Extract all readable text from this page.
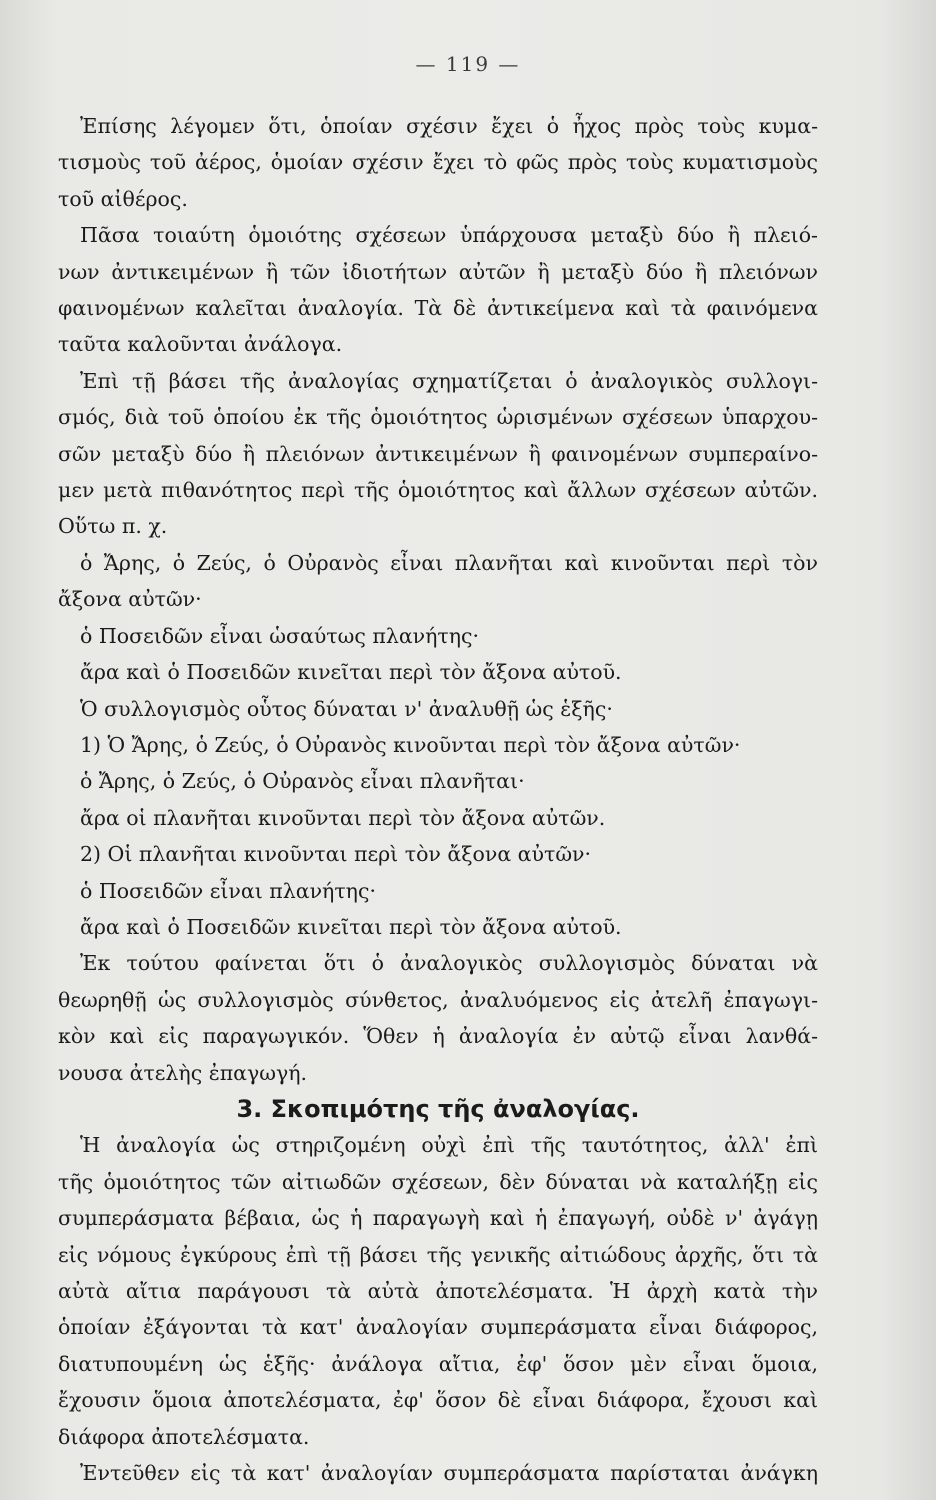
— 119 —
Ἐπίσης λέγομεν ὅτι, ὁποίαν σχέσιν ἔχει ὁ ἦχος πρὸς τοὺς κυμα-
τισμοὺς τοῦ ἀέρος, ὁμοίαν σχέσιν ἔχει τὸ φῶς πρὸς τοὺς κυματισμοὺς
τοῦ αἰθέρος.
Πᾶσα τοιαύτη ὁμοιότης σχέσεων ὑπάρχουσα μεταξὺ δύο ἢ πλειό-
νων ἀντικειμένων ἢ τῶν ἰδιοτήτων αὐτῶν ἢ μεταξὺ δύο ἢ πλειόνων
φαινομένων καλεῖται ἀναλογία. Τὰ δὲ ἀντικείμενα καὶ τὰ φαινόμενα
ταῦτα καλοῦνται ἀνάλογα.
Ἐπὶ τῇ βάσει τῆς ἀναλογίας σχηματίζεται ὁ ἀναλογικὸς συλλογι-
σμός, διὰ τοῦ ὁποίου ἐκ τῆς ὁμοιότητος ὡρισμένων σχέσεων ὑπαρχου-
σῶν μεταξὺ δύο ἢ πλειόνων ἀντικειμένων ἢ φαινομένων συμπεραίνο-
μεν μετὰ πιθανότητος περὶ τῆς ὁμοιότητος καὶ ἄλλων σχέσεων αὐτῶν.
Οὕτω π. χ.
ὁ Ἄρης, ὁ Ζεύς, ὁ Οὐρανὸς εἶναι πλανῆται καὶ κινοῦνται περὶ τὸν
ἄξονα αὐτῶν·
ὁ Ποσειδῶν εἶναι ὡσαύτως πλανήτης·
ἄρα καὶ ὁ Ποσειδῶν κινεῖται περὶ τὸν ἄξονα αὐτοῦ.
Ὁ συλλογισμὸς οὗτος δύναται ν' ἀναλυθῇ ὡς ἑξῆς·
1) Ὁ Ἄρης, ὁ Ζεύς, ὁ Οὐρανὸς κινοῦνται περὶ τὸν ἄξονα αὐτῶν·
ὁ Ἄρης, ὁ Ζεύς, ὁ Οὐρανὸς εἶναι πλανῆται·
ἄρα οἱ πλανῆται κινοῦνται περὶ τὸν ἄξονα αὐτῶν.
2) Οἱ πλανῆται κινοῦνται περὶ τὸν ἄξονα αὐτῶν·
ὁ Ποσειδῶν εἶναι πλανήτης·
ἄρα καὶ ὁ Ποσειδῶν κινεῖται περὶ τὸν ἄξονα αὐτοῦ.
Ἐκ τούτου φαίνεται ὅτι ὁ ἀναλογικὸς συλλογισμὸς δύναται νὰ
θεωρηθῇ ὡς συλλογισμὸς σύνθετος, ἀναλυόμενος εἰς ἀτελῆ ἐπαγωγι-
κὸν καὶ εἰς παραγωγικόν. Ὅθεν ἡ ἀναλογία ἐν αὐτῷ εἶναι λανθά-
νουσα ἀτελὴς ἐπαγωγή.
3. Σκοπιμότης τῆς ἀναλογίας.
Ἡ ἀναλογία ὡς στηριζομένη οὐχὶ ἐπὶ τῆς ταυτότητος, ἀλλ' ἐπὶ
τῆς ὁμοιότητος τῶν αἰτιωδῶν σχέσεων, δὲν δύναται νὰ καταλήξῃ εἰς
συμπεράσματα βέβαια, ὡς ἡ παραγωγὴ καὶ ἡ ἐπαγωγή, οὐδὲ ν' ἀγάγῃ
εἰς νόμους ἐγκύρους ἐπὶ τῇ βάσει τῆς γενικῆς αἰτιώδους ἀρχῆς, ὅτι τὰ
αὐτὰ αἴτια παράγουσι τὰ αὐτὰ ἀποτελέσματα. Ἡ ἀρχὴ κατὰ τὴν
ὁποίαν ἐξάγονται τὰ κατ' ἀναλογίαν συμπεράσματα εἶναι διάφορος,
διατυπουμένη ὡς ἑξῆς· ἀνάλογα αἴτια, ἐφ' ὅσον μὲν εἶναι ὅμοια,
ἔχουσιν ὅμοια ἀποτελέσματα, ἐφ' ὅσον δὲ εἶναι διάφορα, ἔχουσι καὶ
διάφορα ἀποτελέσματα.
Ἐντεῦθεν εἰς τὰ κατ' ἀναλογίαν συμπεράσματα παρίσταται ἀνάγκη
